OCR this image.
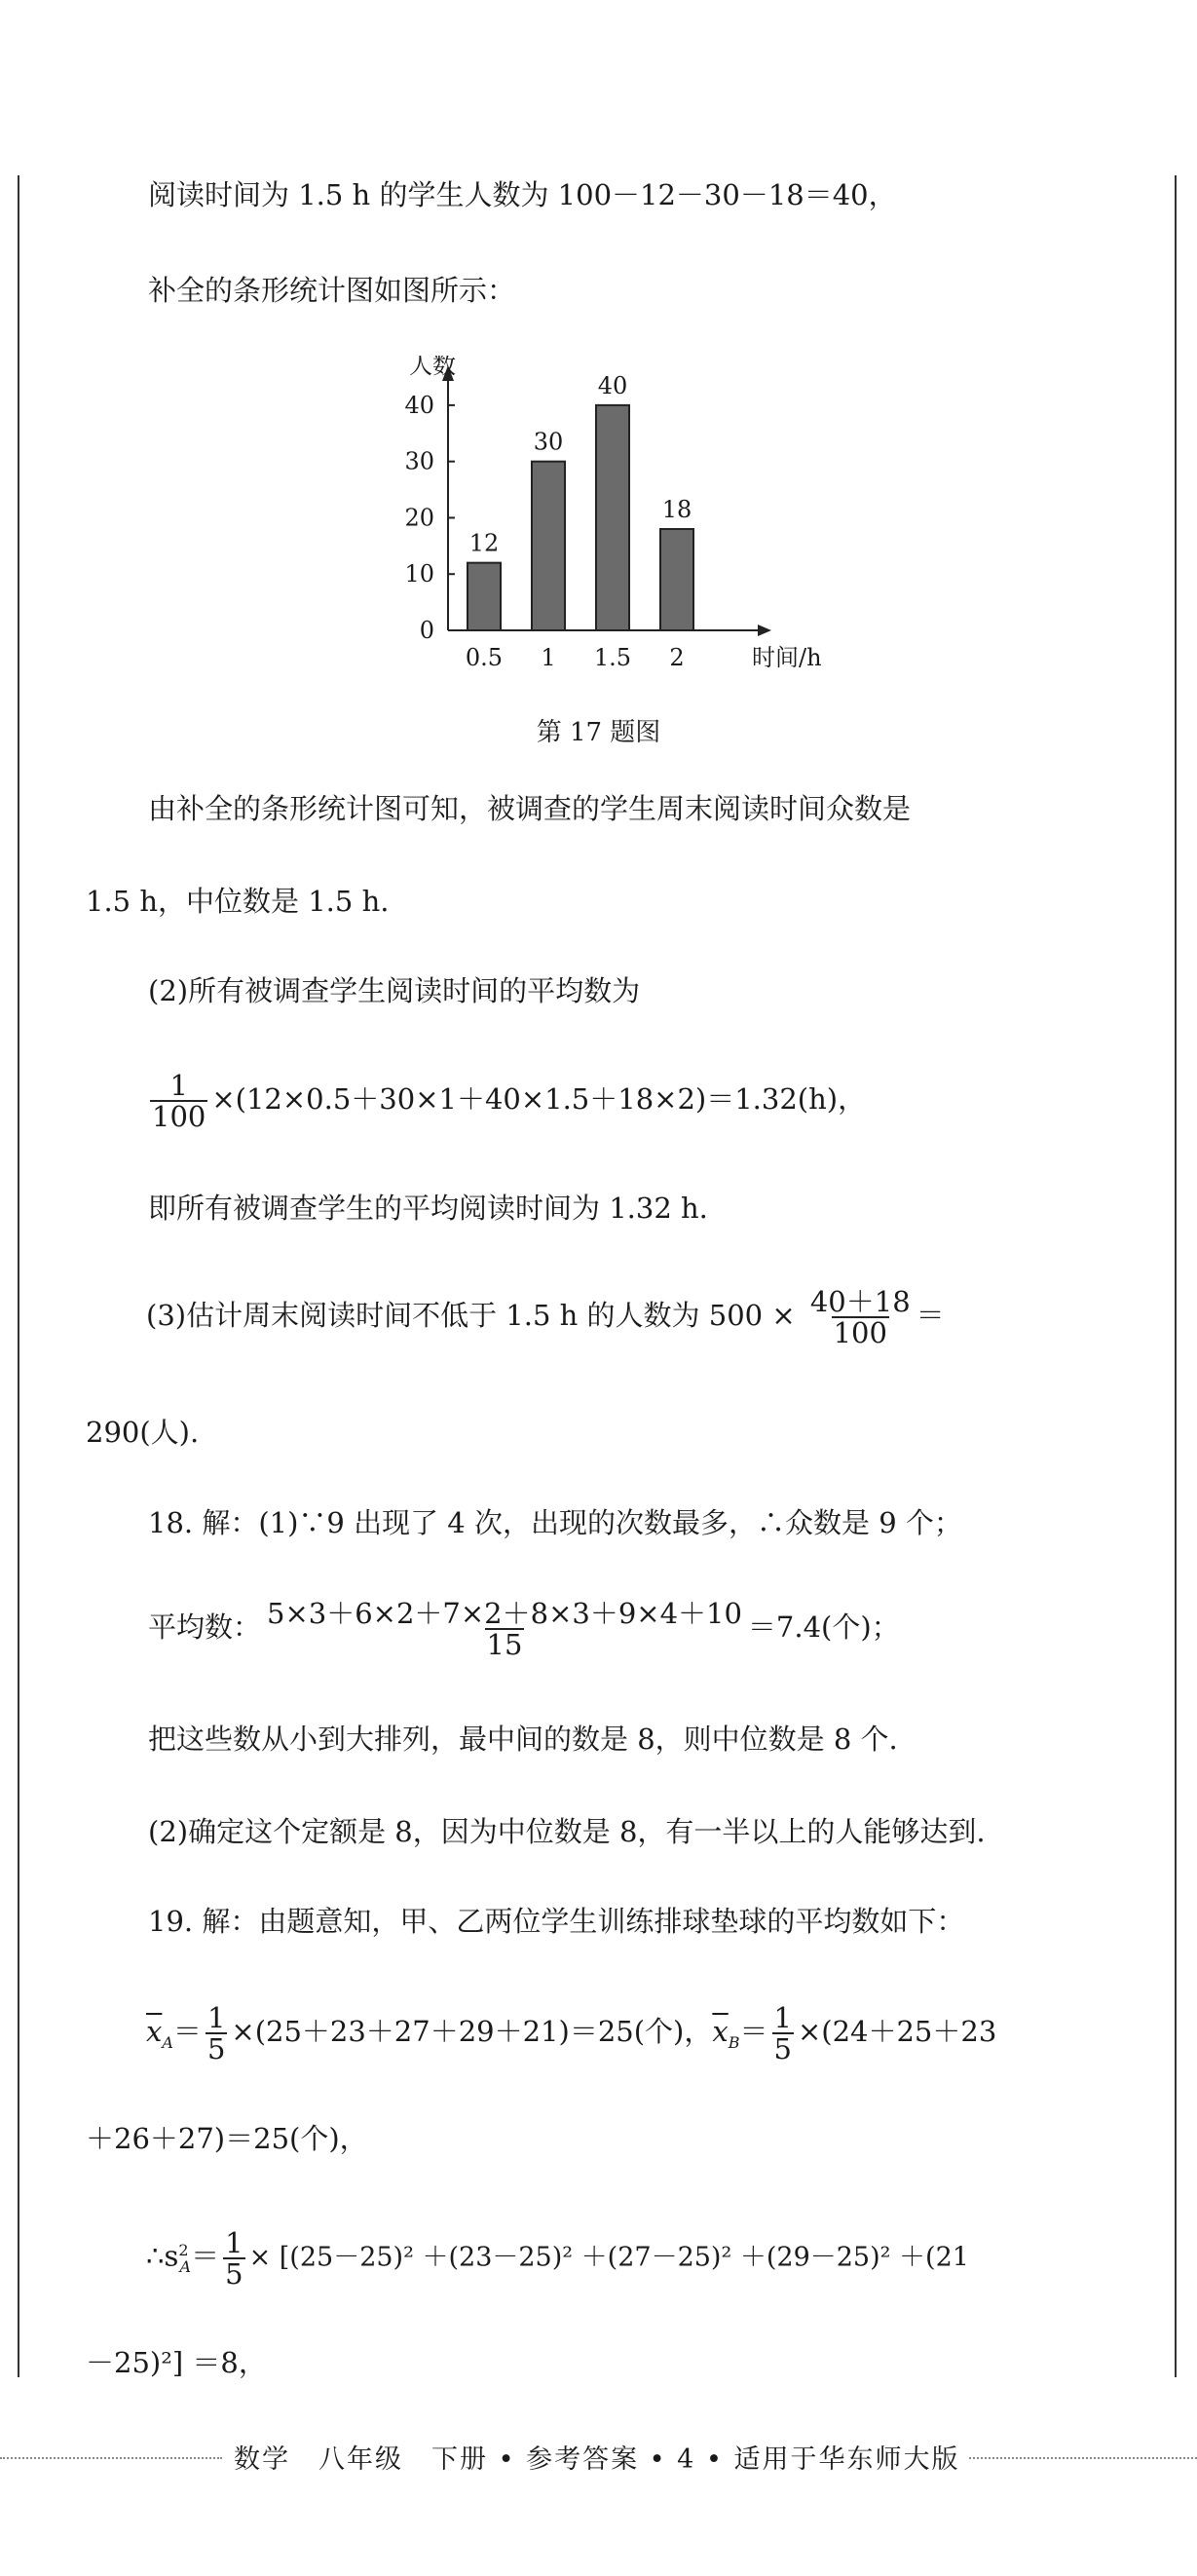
阅读时间为 1.5 h 的学生人数为 100－12－30－18＝40，
补全的条形统计图如图所示：
0
10
20
30
40
人数
时间/h
12
0.5
30
1
40
1.5
18
2
第 17 题图
由补全的条形统计图可知，被调查的学生周末阅读时间众数是
1.5 h，中位数是 1.5 h.
(2)所有被调查学生阅读时间的平均数为
$\frac{1}{100} \times(12\times 0.5+30\times 1+40\times 1.5+18\times 2)=1.32(h)$，
即所有被调查学生的平均阅读时间为 1.32 h.
(3)估计周末阅读时间不低于 1.5 h 的人数为 $500 \times \frac{40+18}{100}$ ＝
290(人).
18. 解：(1)∵9 出现了 4 次，出现的次数最多，∴众数是 9 个；
平均数： $\frac{5\times 3+6\times 2+7\times 2+8\times 3+9\times 4+10}{15} =7.4$(个)；
把这些数从小到大排列，最中间的数是 8，则中位数是 8 个.
(2)确定这个定额是 8，因为中位数是 8，有一半以上的人能够达到.
19. 解：由题意知，甲、乙两位学生训练排球垫球的平均数如下：
$\overline{x}_A= \frac{1}{5} \times(25+23+27+29+21)=25$(个)，$\overline{x}_B= \frac{1}{5} \times(24+25+23$
＋26＋27)＝25(个)，
$\therefore s^2_A= \frac{1}{5} \times [(25-25)^2 +(23-25)^2 +(27-25)^2 +(29-25)^2 +(21$
－25)²] ＝8，
数学　八年级　下册 • 参考答案 • 4 • 适用于华东师大版
